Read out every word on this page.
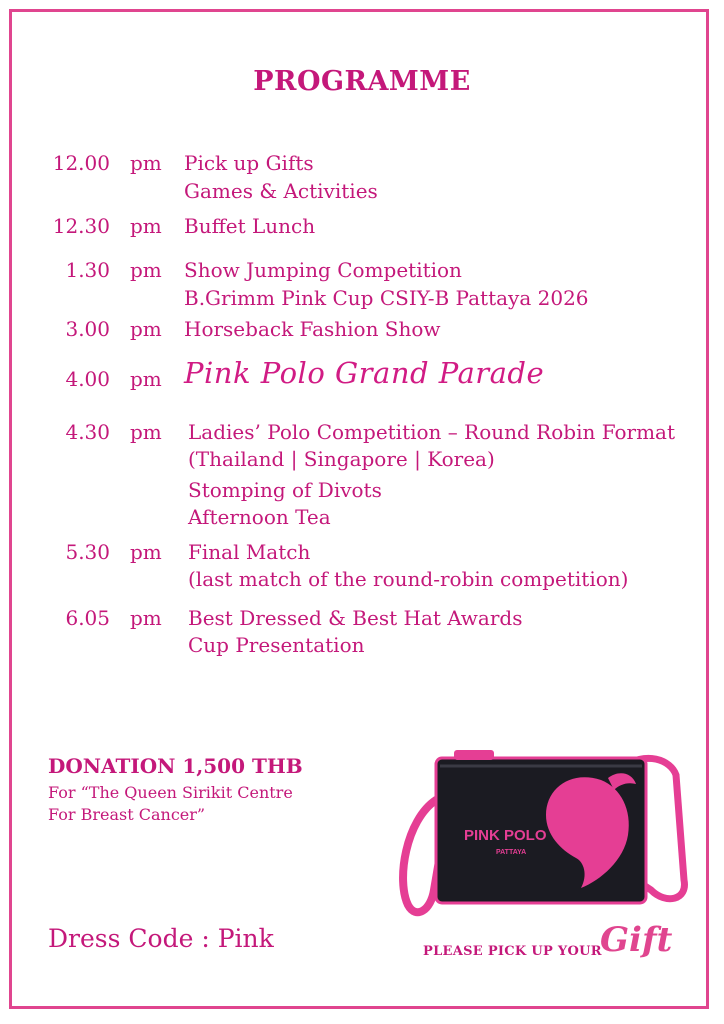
PROGRAMME
12.00 pm Pick up Gifts
Games & Activities
12.30 pm Buffet Lunch
1.30 pm Show Jumping Competition
B.Grimm Pink Cup CSIY-B Pattaya 2026
3.00 pm Horseback Fashion Show
4.00 pm Pink Polo Grand Parade
4.30 pm Ladies’ Polo Competition – Round Robin Format
(Thailand | Singapore | Korea)
Stomping of Divots
Afternoon Tea
5.30 pm Final Match
(last match of the round-robin competition)
6.05 pm Best Dressed & Best Hat Awards
Cup Presentation
DONATION 1,500 THB
For “The Queen Sirikit Centre
For Breast Cancer”
PINK POLO
PATTAYA
Dress Code : Pink	PLEASE PICK UP YOUR
Gift
